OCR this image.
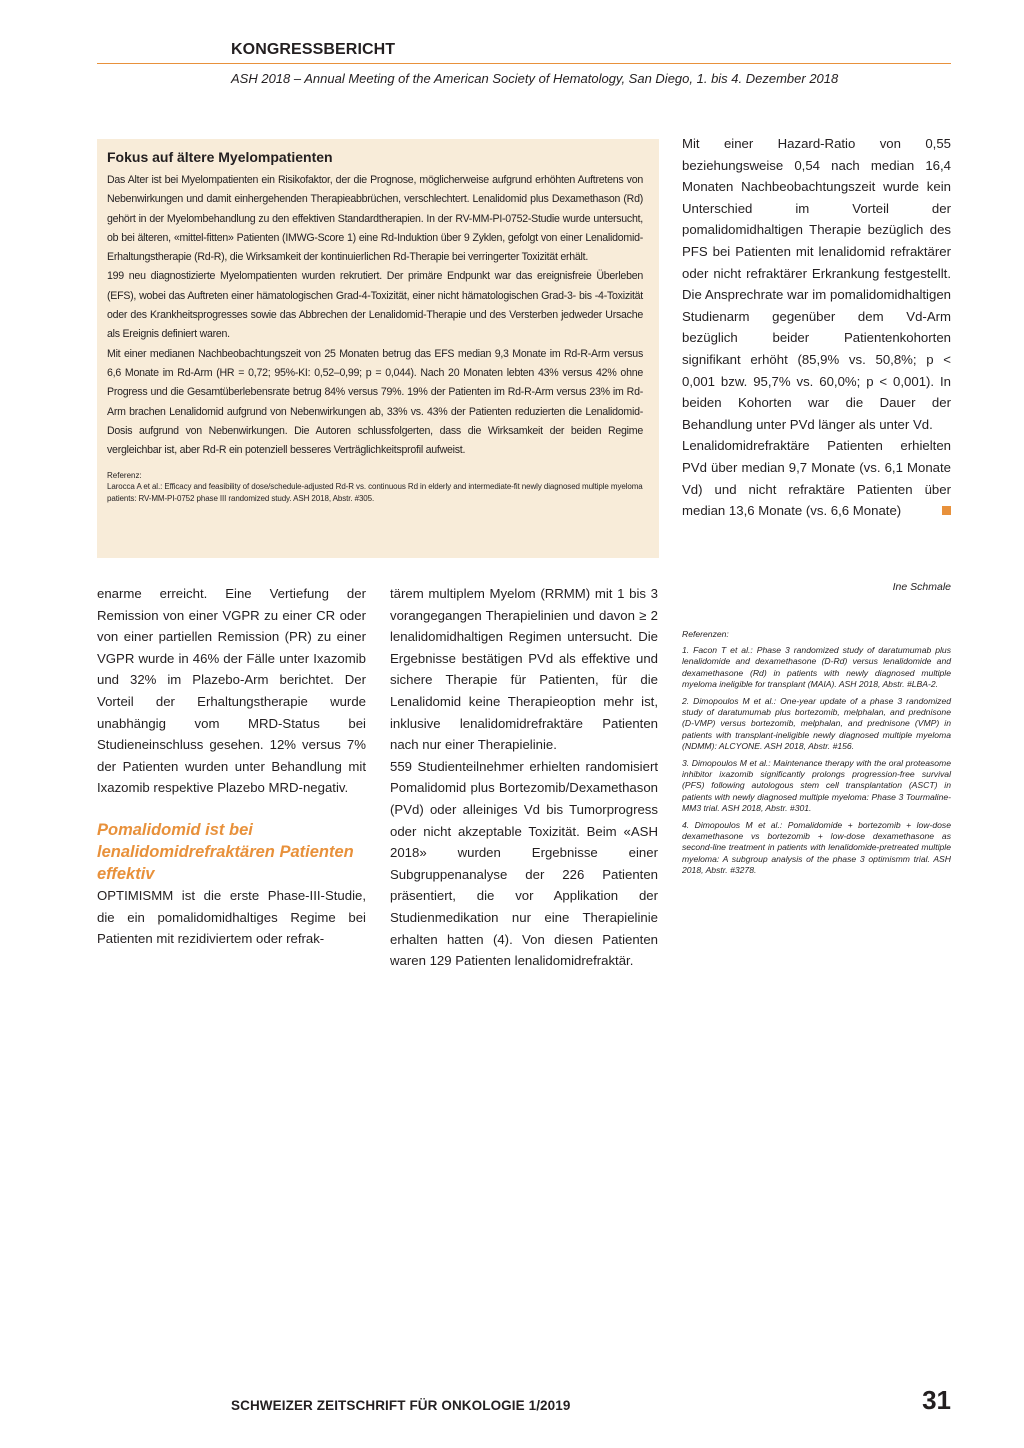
KONGRESSBERICHT
ASH 2018 – Annual Meeting of the American Society of Hematology, San Diego, 1. bis 4. Dezember 2018
Fokus auf ältere Myelompatienten

Das Alter ist bei Myelompatienten ein Risikofaktor, der die Prognose, möglicherweise aufgrund erhöhten Auftretens von Nebenwirkungen und damit einhergehenden Therapieabbrüchen, verschlechtert. Lenalidomid plus Dexamethason (Rd) gehört in der Myelombehandlung zu den effektiven Standardtherapien. In der RV-MM-PI-0752-Studie wurde untersucht, ob bei älteren, «mittel-fitten» Patienten (IMWG-Score 1) eine Rd-Induktion über 9 Zyklen, gefolgt von einer Lenalidomid-Erhaltungstherapie (Rd-R), die Wirksamkeit der kontinuierlichen Rd-Therapie bei verringerter Toxizität erhält.

199 neu diagnostizierte Myelompatienten wurden rekrutiert. Der primäre Endpunkt war das ereignisfreie Überleben (EFS), wobei das Auftreten einer hämatologischen Grad-4-Toxizität, einer nicht hämatologischen Grad-3- bis -4-Toxizität oder des Krankheitsprogresses sowie das Abbrechen der Lenalidomid-Therapie und des Versterben jedweder Ursache als Ereignis definiert waren.

Mit einer medianen Nachbeobachtungszeit von 25 Monaten betrug das EFS median 9,3 Monate im Rd-R-Arm versus 6,6 Monate im Rd-Arm (HR = 0,72; 95%-KI: 0,52–0,99; p = 0,044). Nach 20 Monaten lebten 43% versus 42% ohne Progress und die Gesamtüberlebensrate betrug 84% versus 79%. 19% der Patienten im Rd-R-Arm versus 23% im Rd-Arm brachen Lenalidomid aufgrund von Nebenwirkungen ab, 33% vs. 43% der Patienten reduzierten die Lenalidomid-Dosis aufgrund von Nebenwirkungen. Die Autoren schlussfolgerten, dass die Wirksamkeit der beiden Regime vergleichbar ist, aber Rd-R ein potenziell besseres Verträglichkeitsprofil aufweist.

Referenz:
Larocca A et al.: Efficacy and feasibility of dose/schedule-adjusted Rd-R vs. continuous Rd in elderly and intermediate-fit newly diagnosed multiple myeloma patients: RV-MM-PI-0752 phase III randomized study. ASH 2018, Abstr. #305.

enarme erreicht. Eine Vertiefung der Remission von einer VGPR zu einer CR oder von einer partiellen Remission (PR) zu einer VGPR wurde in 46% der Fälle unter Ixazomib und 32% im Plazebo-Arm berichtet. Der Vorteil der Erhaltungstherapie wurde unabhängig vom MRD-Status bei Studieneinschluss gesehen. 12% versus 7% der Patienten wurden unter Behandlung mit Ixazomib respektive Plazebo MRD-negativ.

Pomalidomid ist bei lenalidomidrefraktären Patienten effektiv

OPTIMISMM ist die erste Phase-III-Studie, die ein pomalidomidhaltiges Regime bei Patienten mit rezidiviertem oder refrak-

tärem multiplem Myelom (RRMM) mit 1 bis 3 vorangegangen Therapielinien und davon ≥ 2 lenalidomidhaltigen Regimen untersucht. Die Ergebnisse bestätigen PVd als effektive und sichere Therapie für Patienten, für die Lenalidomid keine Therapieoption mehr ist, inklusive lenalidomidrefraktäre Patienten nach nur einer Therapielinie.

559 Studienteilnehmer erhielten randomisiert Pomalidomid plus Bortezomib/Dexamethason (PVd) oder alleiniges Vd bis Tumorprogress oder nicht akzeptable Toxizität. Beim «ASH 2018» wurden Ergebnisse einer Subgruppenanalyse der 226 Patienten präsentiert, die vor Applikation der Studienmedikation nur eine Therapielinie erhalten hatten (4). Von diesen Patienten waren 129 Patienten lenalidomidrefraktär.

Mit einer Hazard-Ratio von 0,55 beziehungsweise 0,54 nach median 16,4 Monaten Nachbeobachtungszeit wurde kein Unterschied im Vorteil der pomalidomidhaltigen Therapie bezüglich des PFS bei Patienten mit lenalidomid refraktärer oder nicht refraktärer Erkrankung festgestellt. Die Ansprechrate war im pomalidomidhaltigen Studienarm gegenüber dem Vd-Arm bezüglich beider Patientenkohorten signifikant erhöht (85,9% vs. 50,8%; p < 0,001 bzw. 95,7% vs. 60,0%; p < 0,001). In beiden Kohorten war die Dauer der Behandlung unter PVd länger als unter Vd.

Lenalidomidrefraktäre Patienten erhielten PVd über median 9,7 Monate (vs. 6,1 Monate Vd) und nicht refraktäre Patienten über median 13,6 Monate (vs. 6,6 Monate)

Ine Schmale
Referenzen:
1. Facon T et al.: Phase 3 randomized study of daratumumab plus lenalidomide and dexamethasone (D-Rd) versus lenalidomide and dexamethasone (Rd) in patients with newly diagnosed multiple myeloma ineligible for transplant (MAIA). ASH 2018, Abstr. #LBA-2.
2. Dimopoulos M et al.: One-year update of a phase 3 randomized study of daratumumab plus bortezomib, melphalan, and prednisone (D-VMP) versus bortezomib, melphalan, and prednisone (VMP) in patients with transplant-ineligible newly diagnosed multiple myeloma (NDMM): ALCYONE. ASH 2018, Abstr. #156.
3. Dimopoulos M et al.: Maintenance therapy with the oral proteasome inhibitor ixazomib significantly prolongs progression-free survival (PFS) following autologous stem cell transplantation (ASCT) in patients with newly diagnosed multiple myeloma: Phase 3 Tourmaline-MM3 trial. ASH 2018, Abstr. #301.
4. Dimopoulos M et al.: Pomalidomide + bortezomib + low-dose dexamethasone vs bortezomib + low-dose dexamethasone as second-line treatment in patients with lenalidomide-pretreated multiple myeloma: A subgroup analysis of the phase 3 optimismm trial. ASH 2018, Abstr. #3278.
SCHWEIZER ZEITSCHRIFT FÜR ONKOLOGIE 1/2019	31
